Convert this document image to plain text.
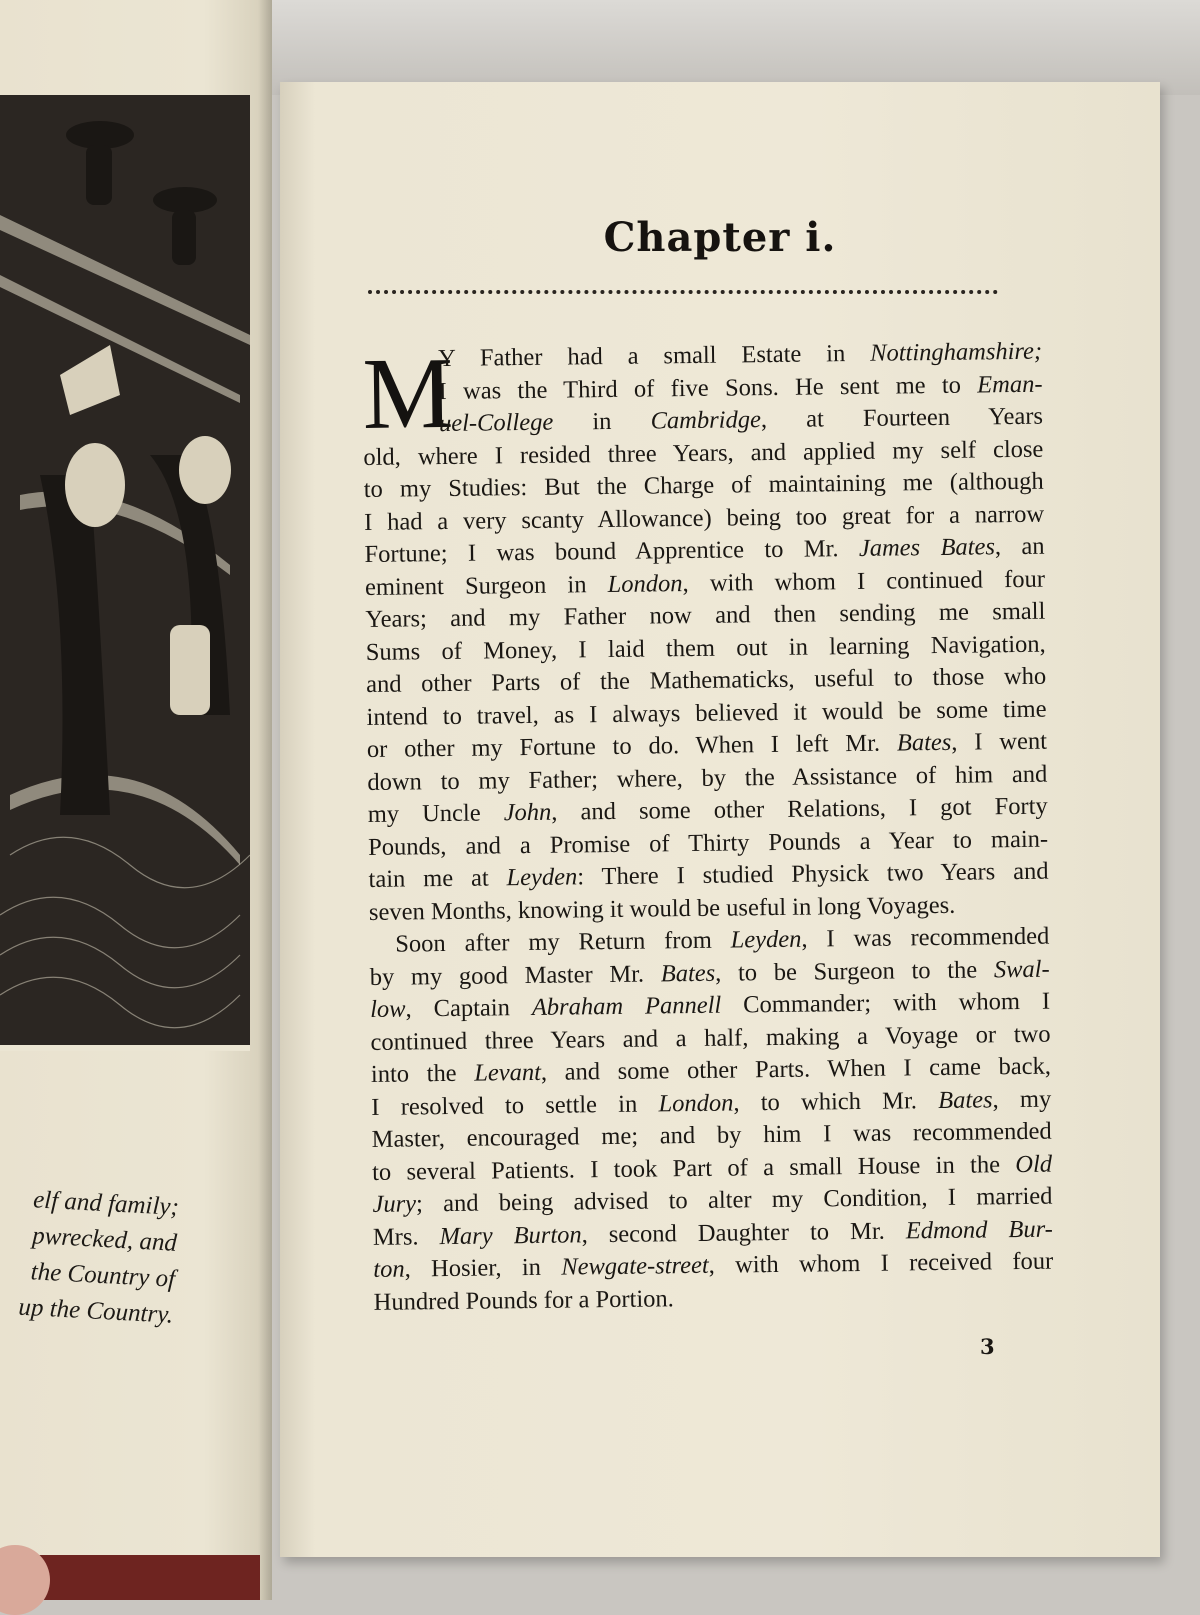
elf and family;
pwrecked, and
the Country of
up the Country.
Chapter i.
M
Y Father had a small Estate in Nottinghamshire;
I was the Third of five Sons. He sent me to Eman-
uel-College in Cambridge, at Fourteen Years
old, where I resided three Years, and applied my self close
to my Studies: But the Charge of maintaining me (although
I had a very scanty Allowance) being too great for a narrow
Fortune; I was bound Apprentice to Mr. James Bates, an
eminent Surgeon in London, with whom I continued four
Years; and my Father now and then sending me small
Sums of Money, I laid them out in learning Navigation,
and other Parts of the Mathematicks, useful to those who
intend to travel, as I always believed it would be some time
or other my Fortune to do. When I left Mr. Bates, I went
down to my Father; where, by the Assistance of him and
my Uncle John, and some other Relations, I got Forty
Pounds, and a Promise of Thirty Pounds a Year to main-
tain me at Leyden: There I studied Physick two Years and
seven Months, knowing it would be useful in long Voyages.
Soon after my Return from Leyden, I was recommended
by my good Master Mr. Bates, to be Surgeon to the Swal-
low, Captain Abraham Pannell Commander; with whom I
continued three Years and a half, making a Voyage or two
into the Levant, and some other Parts. When I came back,
I resolved to settle in London, to which Mr. Bates, my
Master, encouraged me; and by him I was recommended
to several Patients. I took Part of a small House in the Old
Jury; and being advised to alter my Condition, I married
Mrs. Mary Burton, second Daughter to Mr. Edmond Bur-
ton, Hosier, in Newgate-street, with whom I received four
Hundred Pounds for a Portion.
3
